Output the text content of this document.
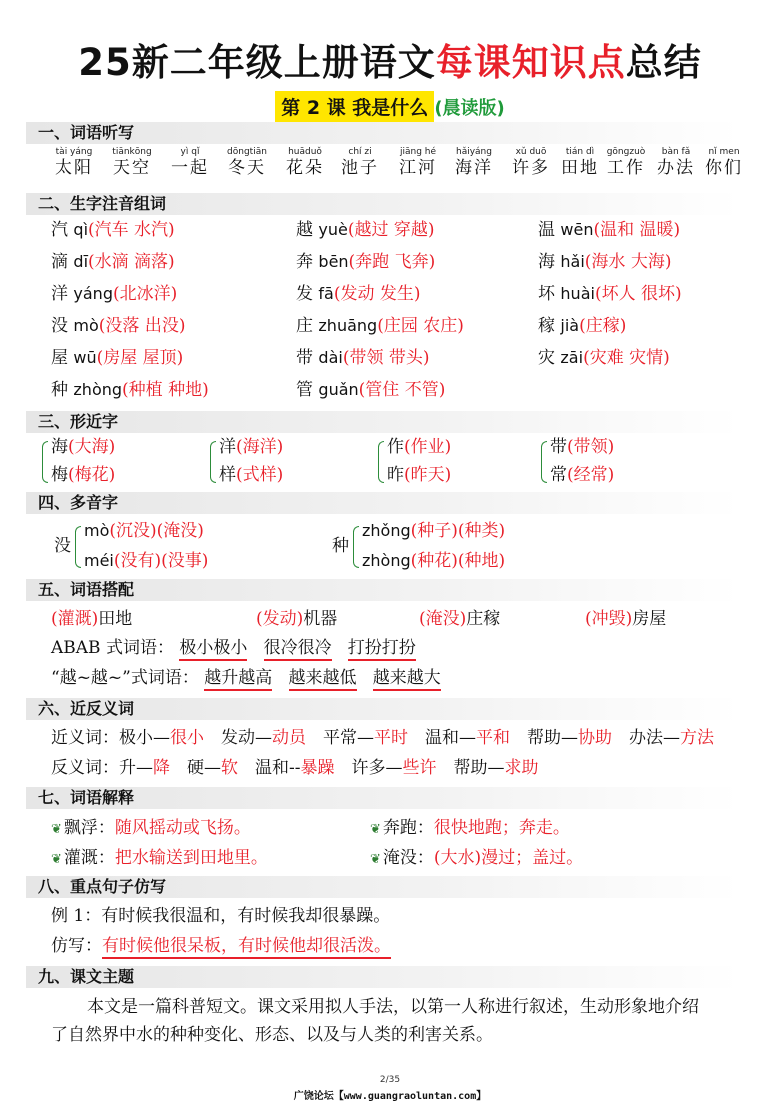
25新二年级上册语文每课知识点总结
第 2 课 我是什么 (晨读版)
一、词语听写
tài yáng
太阳
tiānkōng
天空
yì qǐ
一起
dōngtiān
冬天
huāduǒ
花朵
chí zi
池子
jiāng hé
江河
hǎiyáng
海洋
xǔ duō
许多
tián dì
田地
gōngzuò
工作
bàn fǎ
办法
nǐ men
你们
二、生字注音组词
汽 qì(汽车 水汽)	越 yuè(越过 穿越)	温 wēn(温和 温暖)
滴 dī(水滴 滴落)	奔 bēn(奔跑 飞奔)	海 hǎi(海水 大海)
洋 yáng(北冰洋)	发 fā(发动 发生)	坏 huài(坏人 很坏)
没 mò(没落 出没)	庄 zhuāng(庄园 农庄)	稼 jià(庄稼)
屋 wū(房屋 屋顶)	带 dài(带领 带头)	灾 zāi(灾难 灾情)
种 zhòng(种植 种地)	管 guǎn(管住 不管)
三、形近字
海(大海)
梅(梅花)
洋(海洋)
样(式样)
作(作业)
昨(昨天)
带(带领)
常(经常)
四、多音字
没
mò(沉没)(淹没)
méi(没有)(没事)
种
zhǒng(种子)(种类)
zhòng(种花)(种地)
五、词语搭配
(灌溉)田地	(发动)机器	(淹没)庄稼	(冲毁)房屋
ABAB 式词语： 极小极小 很冷很冷 打扮打扮
“越~越~”式词语： 越升越高 越来越低 越来越大
六、近反义词
近义词：极小—很小   发动—动员   平常—平时   温和—平和   帮助—协助   办法—方法
反义词：升—降   硬—软   温和--暴躁   许多—些许   帮助—求助
七、词语解释
❦ 飘浮：随风摇动或飞扬。	❦ 奔跑：很快地跑；奔走。
❦ 灌溉：把水输送到田地里。	❦ 淹没：(大水)漫过；盖过。
八、重点句子仿写
例 1：有时候我很温和，有时候我却很暴躁。
仿写：有时候他很呆板，有时候他却很活泼。
九、课文主题
本文是一篇科普短文。课文采用拟人手法，以第一人称进行叙述，生动形象地介绍
了自然界中水的种种变化、形态、以及与人类的利害关系。
2/35
广饶论坛【www.guangraoluntan.com】
